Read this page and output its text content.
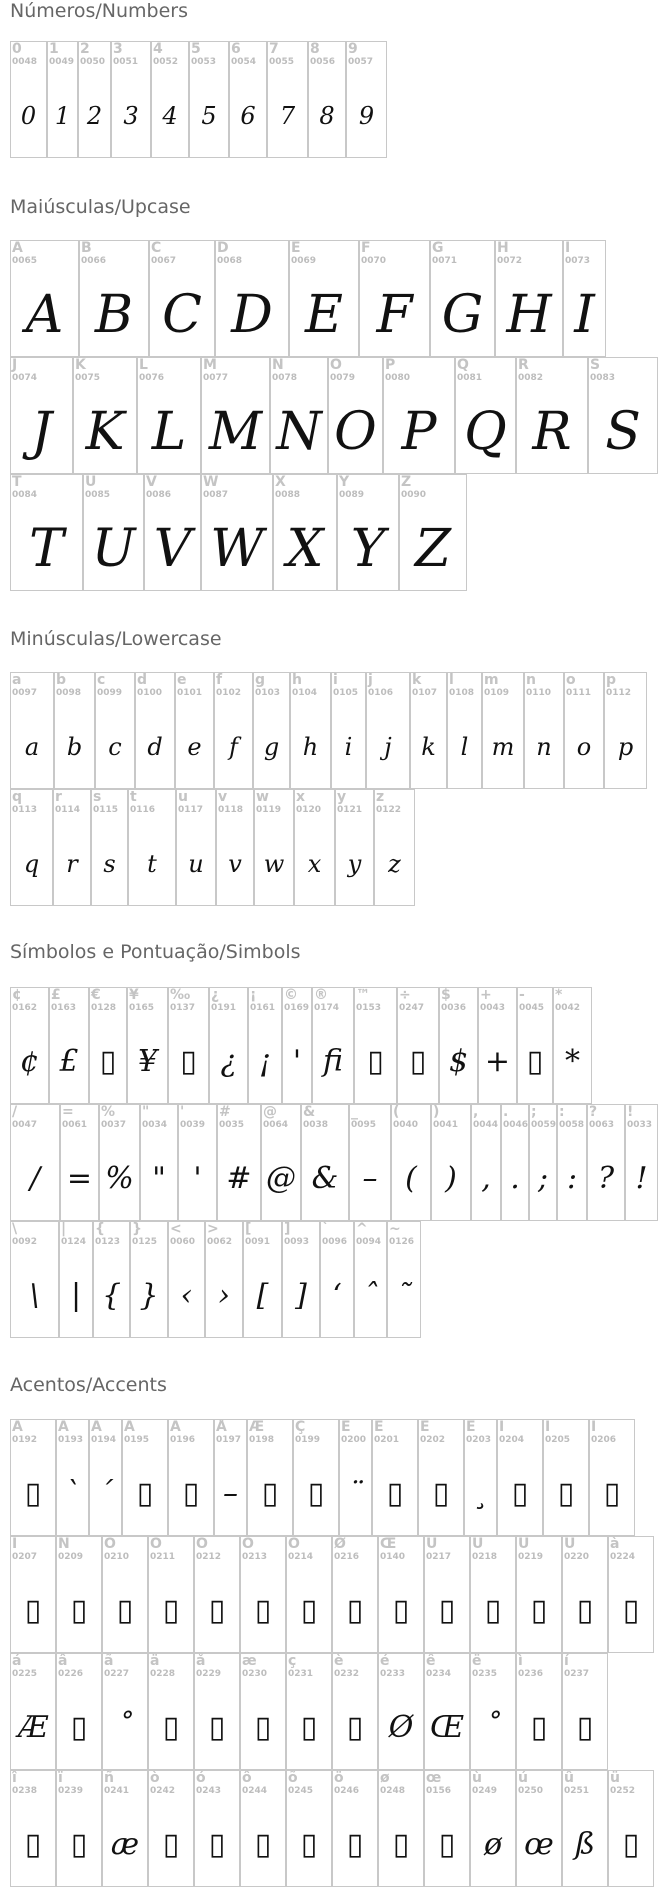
Números/Numbers
0
0048
0
1
0049
1
2
0050
2
3
0051
3
4
0052
4
5
0053
5
6
0054
6
7
0055
7
8
0056
8
9
0057
9
Maiúsculas/Upcase
A
0065
A
B
0066
B
C
0067
C
D
0068
D
E
0069
E
F
0070
F
G
0071
G
H
0072
H
I
0073
I
J
0074
J
K
0075
K
L
0076
L
M
0077
M
N
0078
N
O
0079
O
P
0080
P
Q
0081
Q
R
0082
R
S
0083
S
T
0084
T
U
0085
U
V
0086
V
W
0087
W
X
0088
X
Y
0089
Y
Z
0090
Z
Minúsculas/Lowercase
a
0097
a
b
0098
b
c
0099
c
d
0100
d
e
0101
e
f
0102
f
g
0103
g
h
0104
h
i
0105
i
j
0106
j
k
0107
k
l
0108
l
m
0109
m
n
0110
n
o
0111
o
p
0112
p
q
0113
q
r
0114
r
s
0115
s
t
0116
t
u
0117
u
v
0118
v
w
0119
w
x
0120
x
y
0121
y
z
0122
z
Símbolos e Pontuação/Simbols
¢
0162
¢
£
0163
£
€
0128
▯
¥
0165
¥
‰
0137
▯
¿
0191
¿
¡
0161
¡
©
0169
'
®
0174
fi
™
0153
▯
÷
0247
▯
$
0036
$
+
0043
+
-
0045
▯
*
0042
*
/
0047
/
=
0061
=
%
0037
%
"
0034
"
'
0039
'
#
0035
#
@
0064
@
&
0038
&
_
0095
–
(
0040
(
)
0041
)
,
0044
,
.
0046
.
;
0059
;
:
0058
:
?
0063
?
!
0033
!
\
0092
\
|
0124
|
{
0123
{
}
0125
}
<
0060
‹
>
0062
›
[
0091
[
]
0093
]
`
0096
‘
^
0094
ˆ
~
0126
˜
Acentos/Accents
À
0192
▯
Á
0193
`
Â
0194
´
Ã
0195
▯
Ä
0196
▯
Å
0197
–
Æ
0198
▯
Ç
0199
▯
È
0200
¨
É
0201
▯
Ê
0202
▯
Ë
0203
¸
Ì
0204
▯
Í
0205
▯
Î
0206
▯
Ï
0207
▯
Ñ
0209
▯
Ò
0210
▯
Ó
0211
▯
Ô
0212
▯
Õ
0213
▯
Ö
0214
▯
Ø
0216
▯
Œ
0140
▯
Ù
0217
▯
Ú
0218
▯
Û
0219
▯
Ü
0220
▯
à
0224
▯
á
0225
Æ
â
0226
▯
ã
0227
˚
ä
0228
▯
å
0229
▯
æ
0230
▯
ç
0231
▯
è
0232
▯
é
0233
Ø
ê
0234
Œ
ë
0235
˚
ì
0236
▯
í
0237
▯
î
0238
▯
ï
0239
▯
ñ
0241
æ
ò
0242
▯
ó
0243
▯
ô
0244
▯
õ
0245
▯
ö
0246
▯
ø
0248
▯
œ
0156
▯
ù
0249
ø
ú
0250
œ
û
0251
ß
ü
0252
▯
